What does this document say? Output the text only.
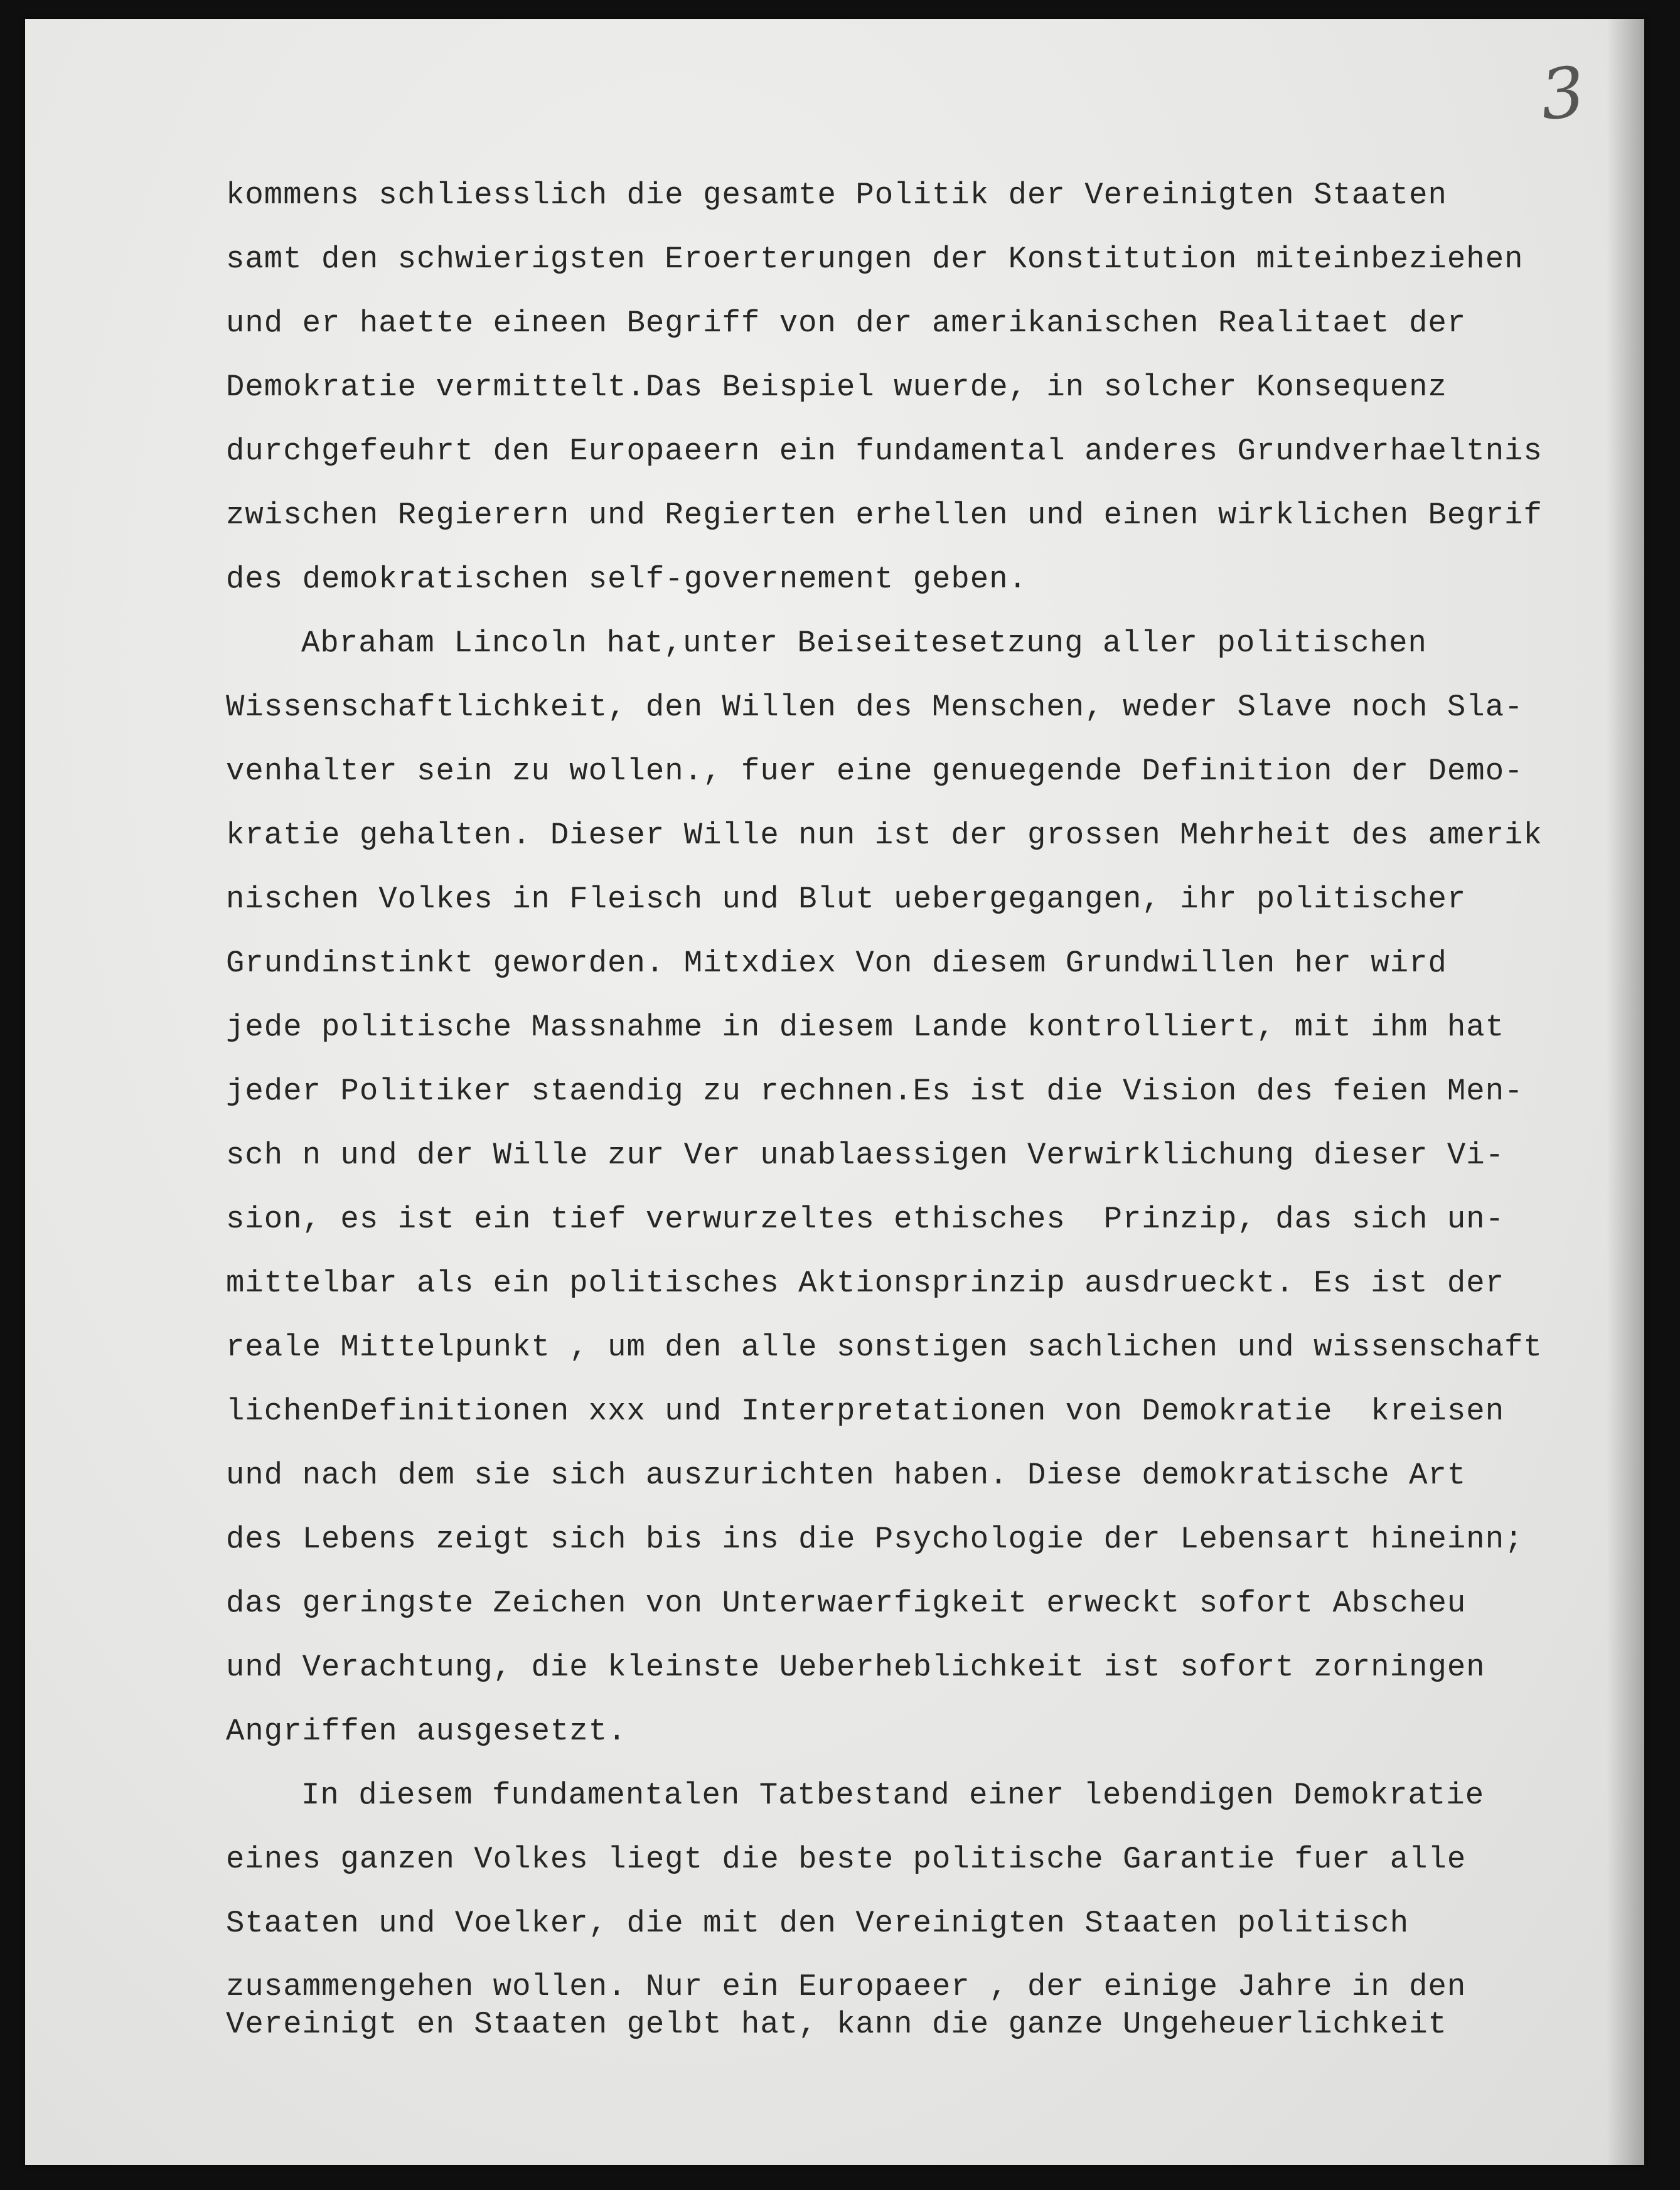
3
kommens schliesslich die gesamte Politik der Vereinigten Staaten
samt den schwierigsten Eroerterungen der Konstitution miteinbeziehen
und er haette eineen Begriff von der amerikanischen Realitaet der
Demokratie vermittelt.Das Beispiel wuerde, in solcher Konsequenz
durchgefeuhrt den Europaeern ein fundamental anderes Grundverhaeltnis
zwischen Regierern und Regierten erhellen und einen wirklichen Begrif
des demokratischen self-governement geben.
Abraham Lincoln hat,unter Beiseitesetzung aller politischen
Wissenschaftlichkeit, den Willen des Menschen, weder Slave noch Sla-
venhalter sein zu wollen., fuer eine genuegende Definition der Demo-
kratie gehalten. Dieser Wille nun ist der grossen Mehrheit des amerik
nischen Volkes in Fleisch und Blut uebergegangen, ihr politischer
Grundinstinkt geworden. Mitxdiex Von diesem Grundwillen her wird
jede politische Massnahme in diesem Lande kontrolliert, mit ihm hat
jeder Politiker staendig zu rechnen.Es ist die Vision des feien Men-
sch n und der Wille zur Ver unablaessigen Verwirklichung dieser Vi-
sion, es ist ein tief verwurzeltes ethisches  Prinzip, das sich un-
mittelbar als ein politisches Aktionsprinzip ausdrueckt. Es ist der
reale Mittelpunkt , um den alle sonstigen sachlichen und wissenschaft
lichenDefinitionen xxx und Interpretationen von Demokratie  kreisen
und nach dem sie sich auszurichten haben. Diese demokratische Art
des Lebens zeigt sich bis ins die Psychologie der Lebensart hineinn;
das geringste Zeichen von Unterwaerfigkeit erweckt sofort Abscheu
und Verachtung, die kleinste Ueberheblichkeit ist sofort zorningen
Angriffen ausgesetzt.
In diesem fundamentalen Tatbestand einer lebendigen Demokratie
eines ganzen Volkes liegt die beste politische Garantie fuer alle
Staaten und Voelker, die mit den Vereinigten Staaten politisch
zusammengehen wollen. Nur ein Europaeer , der einige Jahre in den
Vereinigt en Staaten gelbt hat, kann die ganze Ungeheuerlichkeit
